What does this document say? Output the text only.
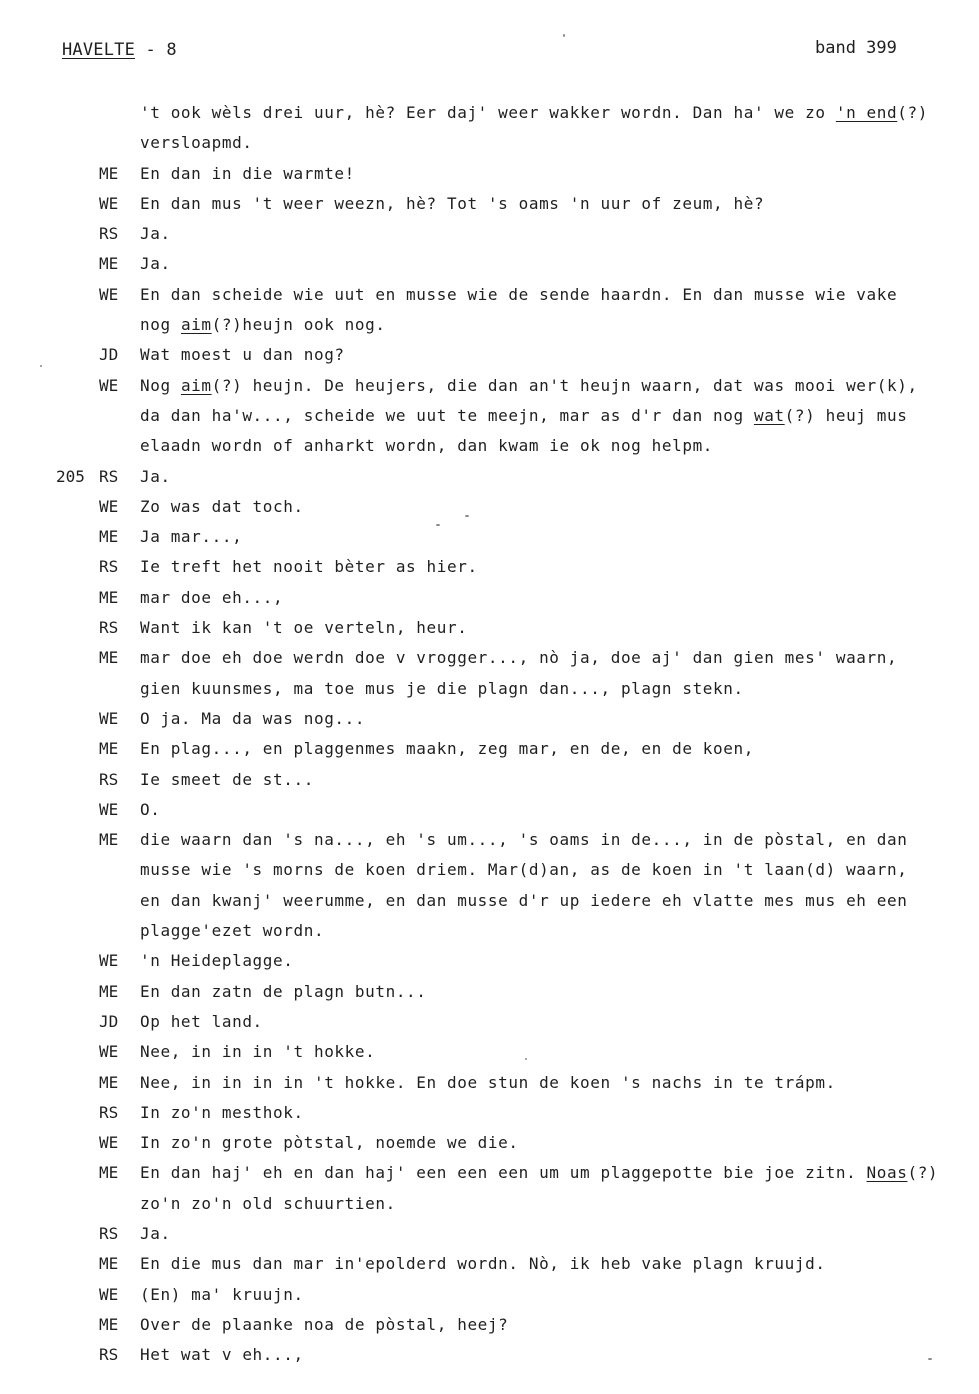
HAVELTE - 8	band 399
't ook wèls drei uur, hè? Eer daj' weer wakker wordn. Dan ha' we zo 'n end(?)
versloapmd.
ME En dan in die warmte!
WE En dan mus 't weer weezn, hè? Tot 's oams 'n uur of zeum, hè?
RS Ja.
ME Ja.
WE En dan scheide wie uut en musse wie de sende haardn. En dan musse wie vake
nog aim(?)heujn ook nog.
JD Wat moest u dan nog?
WE Nog aim(?) heujn. De heujers, die dan an't heujn waarn, dat was mooi wer(k),
da dan ha'w..., scheide we uut te meejn, mar as d'r dan nog wat(?) heuj mus
elaadn wordn of anharkt wordn, dan kwam ie ok nog helpm.
205 RS Ja.
WE Zo was dat toch.
ME Ja mar...,
RS Ie treft het nooit bèter as hier.
ME mar doe eh...,
RS Want ik kan 't oe verteln, heur.
ME mar doe eh doe werdn doe v vrogger..., nò ja, doe aj' dan gien mes' waarn,
gien kuunsmes, ma toe mus je die plagn dan..., plagn stekn.
WE O ja. Ma da was nog...
ME En plag..., en plaggenmes maakn, zeg mar, en de, en de koen,
RS Ie smeet de st...
WE O.
ME die waarn dan 's na..., eh 's um..., 's oams in de..., in de pòstal, en dan
musse wie 's morns de koen driem. Mar(d)an, as de koen in 't laan(d) waarn,
en dan kwanj' weerumme, en dan musse d'r up iedere eh vlatte mes mus eh een
plagge'ezet wordn.
WE 'n Heideplagge.
ME En dan zatn de plagn butn...
JD Op het land.
WE Nee, in in in 't hokke.
ME Nee, in in in in 't hokke. En doe stun de koen 's nachs in te trápm.
RS In zo'n mesthok.
WE In zo'n grote pòtstal, noemde we die.
ME En dan haj' eh en dan haj' een een een um um plaggepotte bie joe zitn. Noas(?)
zo'n zo'n old schuurtien.
RS Ja.
ME En die mus dan mar in'epolderd wordn. Nò, ik heb vake plagn kruujd.
WE (En) ma' kruujn.
ME Over de plaanke noa de pòstal, heej?
RS Het wat v eh...,
